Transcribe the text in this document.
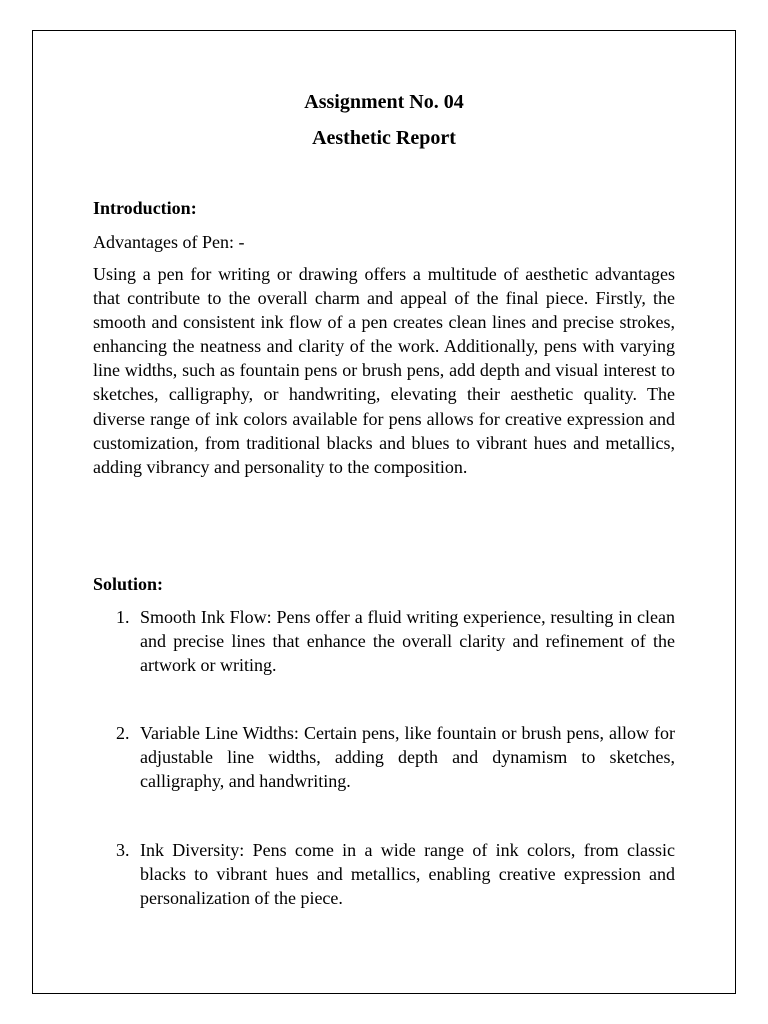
Assignment No. 04
Aesthetic Report
Introduction:

Advantages of Pen: -

Using a pen for writing or drawing offers a multitude of aesthetic advantages that contribute to the overall charm and appeal of the final piece. Firstly, the smooth and consistent ink flow of a pen creates clean lines and precise strokes, enhancing the neatness and clarity of the work. Additionally, pens with varying line widths, such as fountain pens or brush pens, add depth and visual interest to sketches, calligraphy, or handwriting, elevating their aesthetic quality. The diverse range of ink colors available for pens allows for creative expression and customization, from traditional blacks and blues to vibrant hues and metallics, adding vibrancy and personality to the composition.

Solution:
1. Smooth Ink Flow: Pens offer a fluid writing experience, resulting in clean and precise lines that enhance the overall clarity and refinement of the artwork or writing.
2. Variable Line Widths: Certain pens, like fountain or brush pens, allow for adjustable line widths, adding depth and dynamism to sketches, calligraphy, and handwriting.
3. Ink Diversity: Pens come in a wide range of ink colors, from classic blacks to vibrant hues and metallics, enabling creative expression and personalization of the piece.
